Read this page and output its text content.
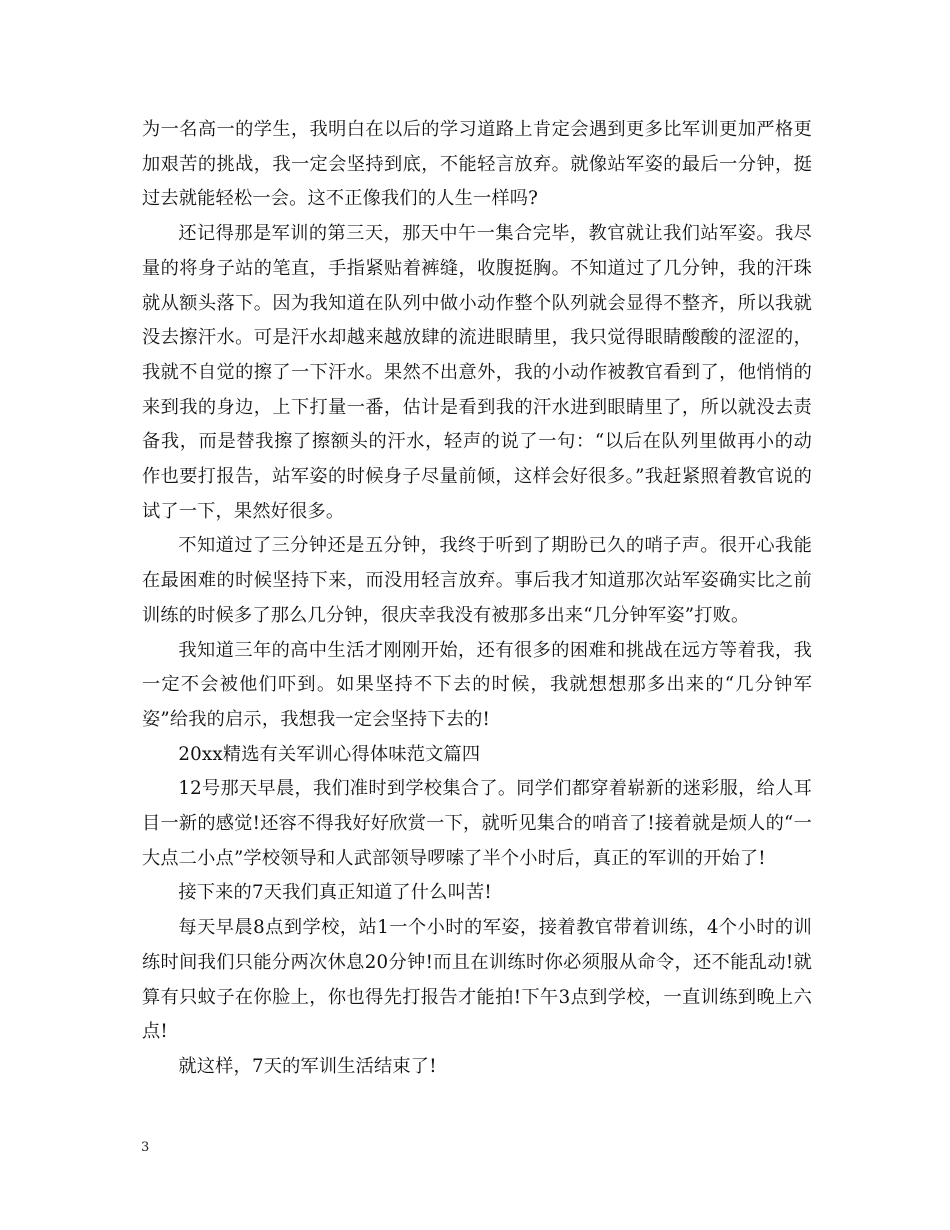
为一名高一的学生，我明白在以后的学习道路上肯定会遇到更多比军训更加严格更加艰苦的挑战，我一定会坚持到底，不能轻言放弃。就像站军姿的最后一分钟，挺过去就能轻松一会。这不正像我们的人生一样吗?

还记得那是军训的第三天，那天中午一集合完毕，教官就让我们站军姿。我尽量的将身子站的笔直，手指紧贴着裤缝，收腹挺胸。不知道过了几分钟，我的汗珠就从额头落下。因为我知道在队列中做小动作整个队列就会显得不整齐，所以我就没去擦汗水。可是汗水却越来越放肆的流进眼睛里，我只觉得眼睛酸酸的涩涩的，我就不自觉的擦了一下汗水。果然不出意外，我的小动作被教官看到了，他悄悄的来到我的身边，上下打量一番，估计是看到我的汗水进到眼睛里了，所以就没去责备我，而是替我擦了擦额头的汗水，轻声的说了一句：“以后在队列里做再小的动作也要打报告，站军姿的时候身子尽量前倾，这样会好很多。”我赶紧照着教官说的试了一下，果然好很多。

不知道过了三分钟还是五分钟，我终于听到了期盼已久的哨子声。很开心我能在最困难的时候坚持下来，而没用轻言放弃。事后我才知道那次站军姿确实比之前训练的时候多了那么几分钟，很庆幸我没有被那多出来“几分钟军姿”打败。

我知道三年的高中生活才刚刚开始，还有很多的困难和挑战在远方等着我，我一定不会被他们吓到。如果坚持不下去的时候，我就想想那多出来的“几分钟军姿”给我的启示，我想我一定会坚持下去的!

20xx精选有关军训心得体味范文篇四

12号那天早晨，我们准时到学校集合了。同学们都穿着崭新的迷彩服，给人耳目一新的感觉!还容不得我好好欣赏一下，就听见集合的哨音了!接着就是烦人的“一大点二小点”学校领导和人武部领导啰嗦了半个小时后，真正的军训的开始了!

接下来的7天我们真正知道了什么叫苦!

每天早晨8点到学校，站1一个小时的军姿，接着教官带着训练，4个小时的训练时间我们只能分两次休息20分钟!而且在训练时你必须服从命令，还不能乱动!就算有只蚊子在你脸上，你也得先打报告才能拍!下午3点到学校，一直训练到晚上六点!

就这样，7天的军训生活结束了!

3
